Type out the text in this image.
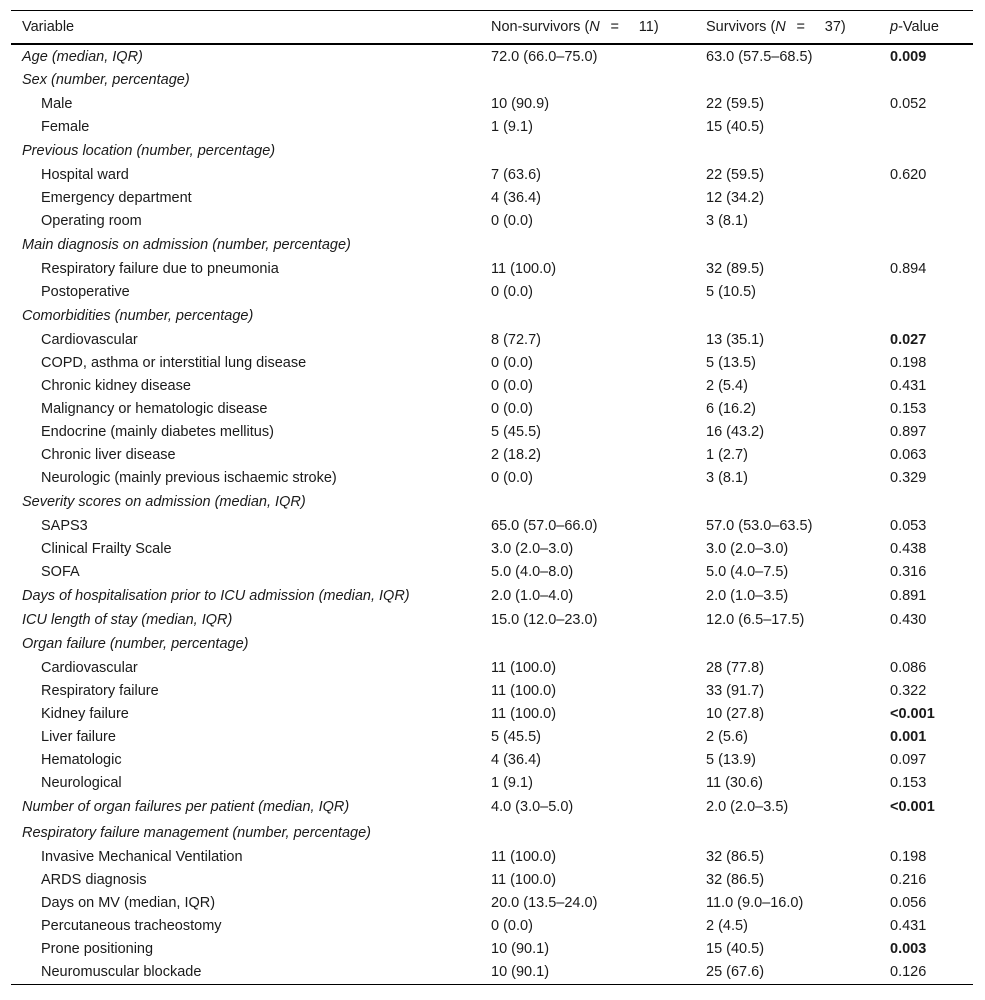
Variable	Non-survivors (N = 11)	Survivors (N = 37)	p-Value
Age (median, IQR)	72.0 (66.0–75.0)	63.0 (57.5–68.5)	0.009
Sex (number, percentage)			
Male	10 (90.9)	22 (59.5)	0.052
Female	1 (9.1)	15 (40.5)	
Previous location (number, percentage)			
Hospital ward	7 (63.6)	22 (59.5)	0.620
Emergency department	4 (36.4)	12 (34.2)	
Operating room	0 (0.0)	3 (8.1)	
Main diagnosis on admission (number, percentage)			
Respiratory failure due to pneumonia	11 (100.0)	32 (89.5)	0.894
Postoperative	0 (0.0)	5 (10.5)	
Comorbidities (number, percentage)			
Cardiovascular	8 (72.7)	13 (35.1)	0.027
COPD, asthma or interstitial lung disease	0 (0.0)	5 (13.5)	0.198
Chronic kidney disease	0 (0.0)	2 (5.4)	0.431
Malignancy or hematologic disease	0 (0.0)	6 (16.2)	0.153
Endocrine (mainly diabetes mellitus)	5 (45.5)	16 (43.2)	0.897
Chronic liver disease	2 (18.2)	1 (2.7)	0.063
Neurologic (mainly previous ischaemic stroke)	0 (0.0)	3 (8.1)	0.329
Severity scores on admission (median, IQR)			
SAPS3	65.0 (57.0–66.0)	57.0 (53.0–63.5)	0.053
Clinical Frailty Scale	3.0 (2.0–3.0)	3.0 (2.0–3.0)	0.438
SOFA	5.0 (4.0–8.0)	5.0 (4.0–7.5)	0.316
Days of hospitalisation prior to ICU admission (median, IQR)	2.0 (1.0–4.0)	2.0 (1.0–3.5)	0.891
ICU length of stay (median, IQR)	15.0 (12.0–23.0)	12.0 (6.5–17.5)	0.430
Organ failure (number, percentage)			
Cardiovascular	11 (100.0)	28 (77.8)	0.086
Respiratory failure	11 (100.0)	33 (91.7)	0.322
Kidney failure	11 (100.0)	10 (27.8)	<0.001
Liver failure	5 (45.5)	2 (5.6)	0.001
Hematologic	4 (36.4)	5 (13.9)	0.097
Neurological	1 (9.1)	11 (30.6)	0.153
Number of organ failures per patient (median, IQR)	4.0 (3.0–5.0)	2.0 (2.0–3.5)	<0.001
Respiratory failure management (number, percentage)			
Invasive Mechanical Ventilation	11 (100.0)	32 (86.5)	0.198
ARDS diagnosis	11 (100.0)	32 (86.5)	0.216
Days on MV (median, IQR)	20.0 (13.5–24.0)	11.0 (9.0–16.0)	0.056
Percutaneous tracheostomy	0 (0.0)	2 (4.5)	0.431
Prone positioning	10 (90.1)	15 (40.5)	0.003
Neuromuscular blockade	10 (90.1)	25 (67.6)	0.126
